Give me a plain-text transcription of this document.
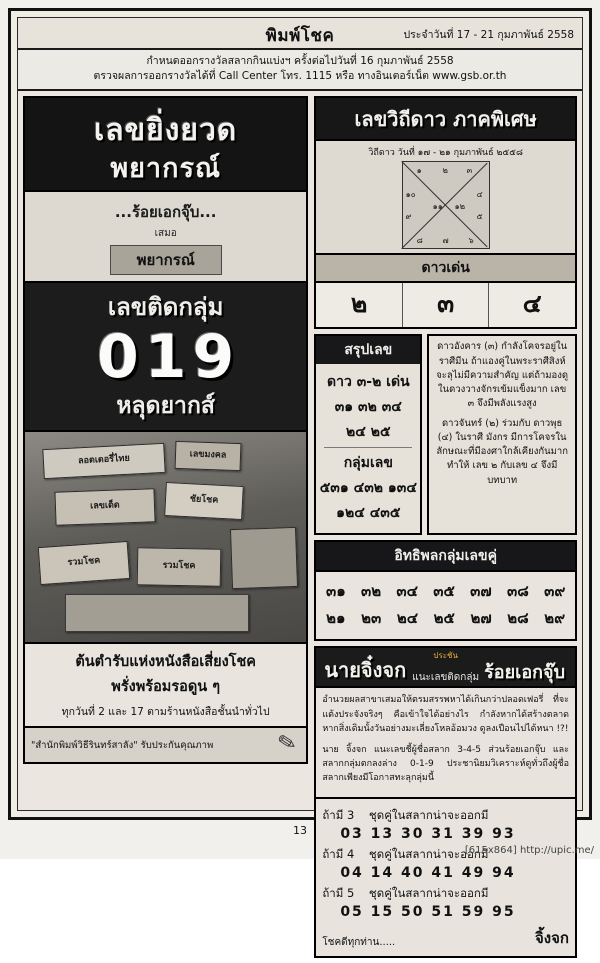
พิมพ์โชค	ประจำวันที่ 17 - 21 กุมภาพันธ์ 2558
กำหนดออกรางวัลสลากกินแบ่งฯ ครั้งต่อไปวันที่ 16 กุมภาพันธ์ 2558
ตรวจผลการออกรางวัลได้ที่ Call Center โทร. 1115 หรือ ทางอินเตอร์เน็ต www.gsb.or.th
เลขยิ่งยวด
พยากรณ์
...ร้อยเอกจุ๊บ...
เสมอ
พยากรณ์
เลขติดกลุ่ม
0 1 9
หลุดยากส์
ลอตเตอรี่ไทย	เลขมงคล
เลขเด็ด
ชัยโชค
รวมโชค	รวมโชค
ต้นตำรับแห่งหนังสือเสี่ยงโชค
พรั่งพร้อมรอดูน ๆ
ทุกวันที่ 2 และ 17 ตามร้านหนังสือชั้นนำทั่วไป
"สำนักพิมพ์วิธีรินทร์สาลัง" รับประกันคุณภาพ	✎
เลขวิถีดาว ภาคพิเศษ
วิถีดาว วันที่ ๑๗ - ๒๑ กุมภาพันธ์ ๒๕๕๘
๑	๒ ๓
๔
๕
๖
๗
๘
๙
๑๐
๑๑ ๑๒
ดาวเด่น
๒	๓	๔
สรุปเลข
ดาว ๓-๒ เด่น
๓๑ ๓๒ ๓๔
๒๔ ๒๕
กลุ่มเลข
๕๓๑ ๔๓๒ ๑๓๔
๑๒๔ ๔๓๕

ดาวอังคาร (๓) กำลังโคจรอยู่ในราศีมีน ถ้าแองคู่ในพระราศีสิงห์ จะลุไม่มีความสำคัญ แต่ถ้ามองดูในดวงวางจักรเข้มแข็งมาก เลข ๓ จึงมีพลังแรงสูง

ดาวจันทร์ (๒) ร่วมกับ ดาวพุธ (๔) ในราศี มังกร มีการโคจรใน ลักษณะที่มีองศาใกล้เคียงกันมากทำให้ เลข ๒ กับเลข ๔ จึงมีบทบาท

อิทธิพลกลุ่มเลขคู่
๓๑ ๓๒ ๓๔ ๓๕ ๓๗ ๓๘ ๓๙
๒๑ ๒๓ ๒๔ ๒๕ ๒๗ ๒๘ ๒๙
ประชัน
นายจิ๋งจก	ร้อยเอกจุ๊บ
แนะเลขติดกลุ่ม

อำนวยผลสาขาเสมอให้ตรมสรรพหาได้เกินกว่าปลอดเฟอรี่ ที่จะแต้งประจังจริงๆ คือเข้าใจได้อย่างไร กำลังหากได้สร้างตลาดหากสิ่งเดิมนั้งวันอย่างมะเลี่ยงโหลอ้อมวง ดูลงเปือนไปได้หนา !?!

นาย จิ้งจก แนะเลขชี้ผู้ชื่อสลาก 3-4-5 ส่วนร้อยเอกจุ๊บ และ สลากกลุ่มตกลงล่าง 0-1-9 ประชานิยมวิเคราะห์ดูทั่วถึงผู้ชื่อสลากเพียงมีโอกาสทะลุกลุ่มนี้

ถ้ามี 3 ชุดคู่ในสลากน่าจะออกมี
03 13 30 31 39 93
ถ้ามี 4 ชุดคู่ในสลากน่าจะออกมี
04 14 40 41 49 94
ถ้ามี 5 ชุดคู่ในสลากน่าจะออกมี
05 15 50 51 59 95
โชคดีทุกท่าน.....	จิ้งจก
13
[615x864] http://upic.me/
